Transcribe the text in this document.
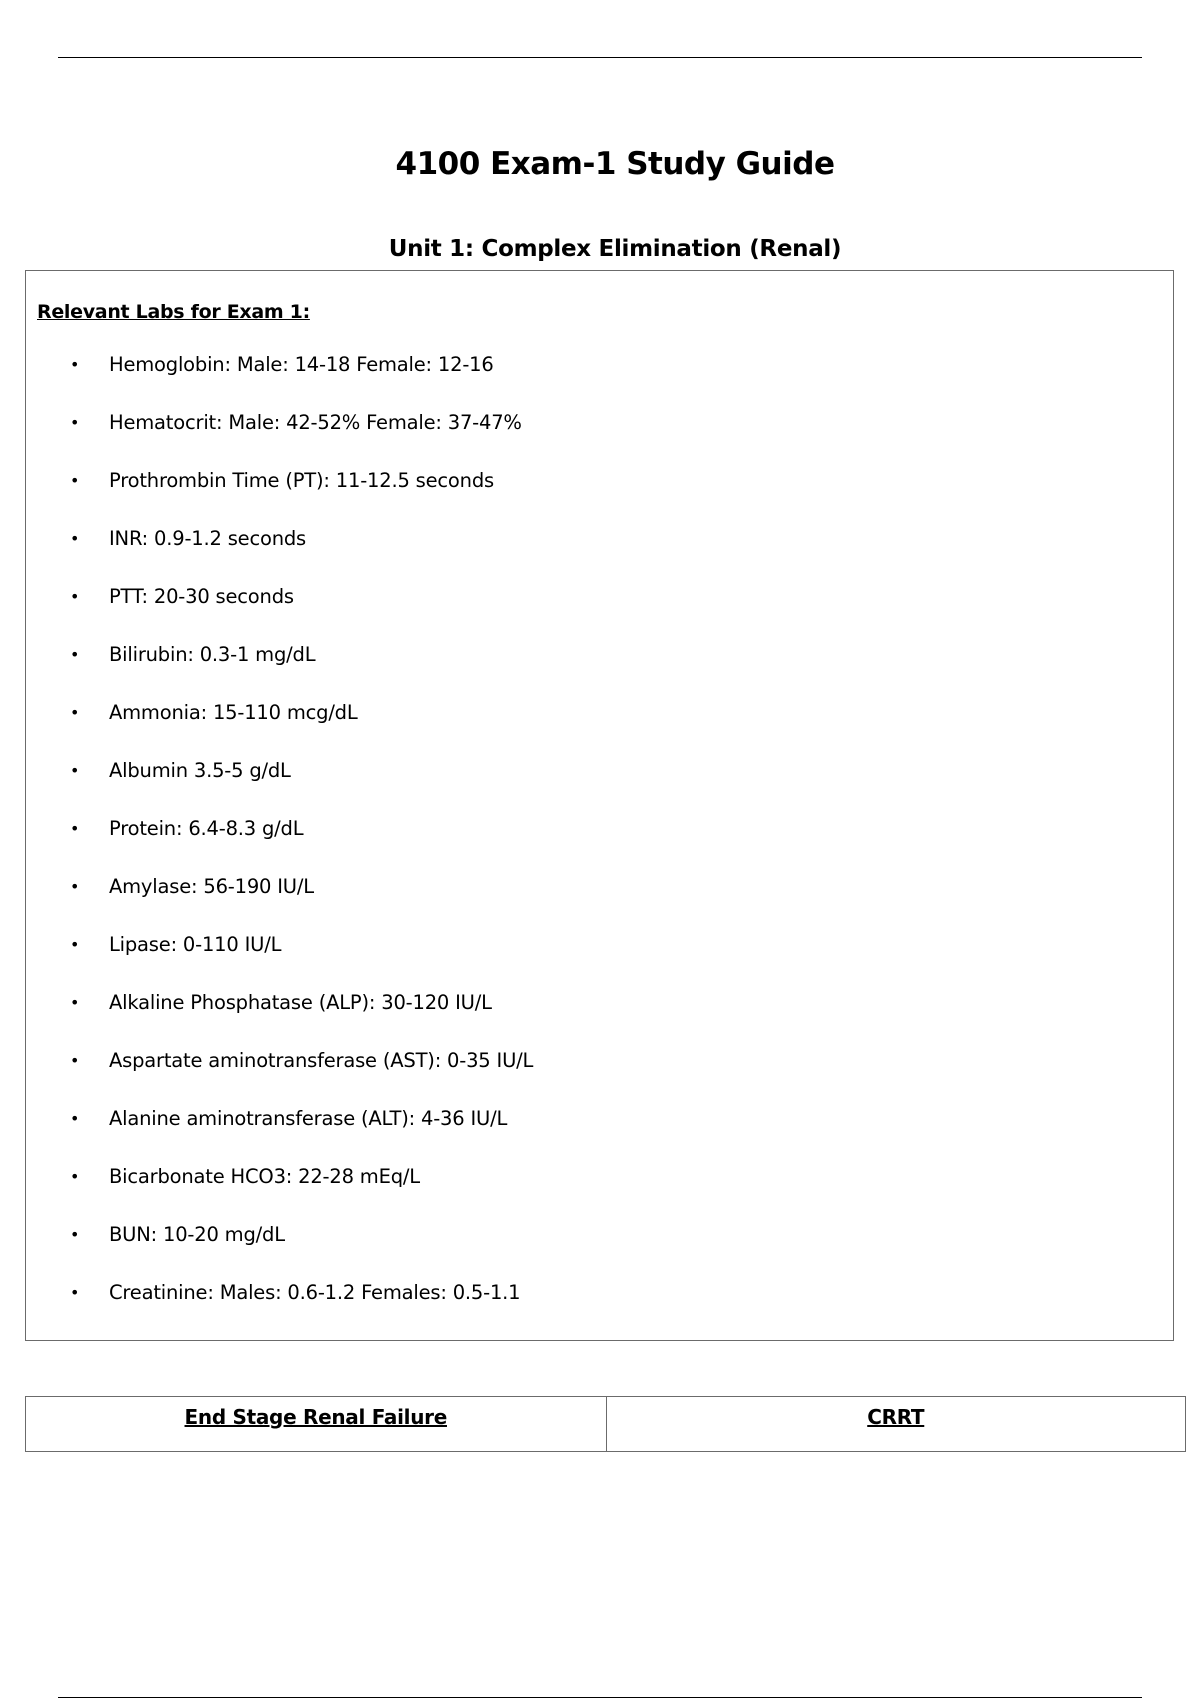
4100 Exam-1 Study Guide
Unit 1: Complex Elimination (Renal)
Relevant Labs for Exam 1:
• Hemoglobin: Male: 14-18 Female: 12-16
• Hematocrit: Male: 42-52% Female: 37-47%
• Prothrombin Time (PT): 11-12.5 seconds
• INR: 0.9-1.2 seconds
• PTT: 20-30 seconds
• Bilirubin: 0.3-1 mg/dL
• Ammonia: 15-110 mcg/dL
• Albumin 3.5-5 g/dL
• Protein: 6.4-8.3 g/dL
• Amylase: 56-190 IU/L
• Lipase: 0-110 IU/L
• Alkaline Phosphatase (ALP): 30-120 IU/L
• Aspartate aminotransferase (AST): 0-35 IU/L
• Alanine aminotransferase (ALT): 4-36 IU/L
• Bicarbonate HCO3: 22-28 mEq/L
• BUN: 10-20 mg/dL
• Creatinine: Males: 0.6-1.2 Females: 0.5-1.1
End Stage Renal Failure	CRRT
